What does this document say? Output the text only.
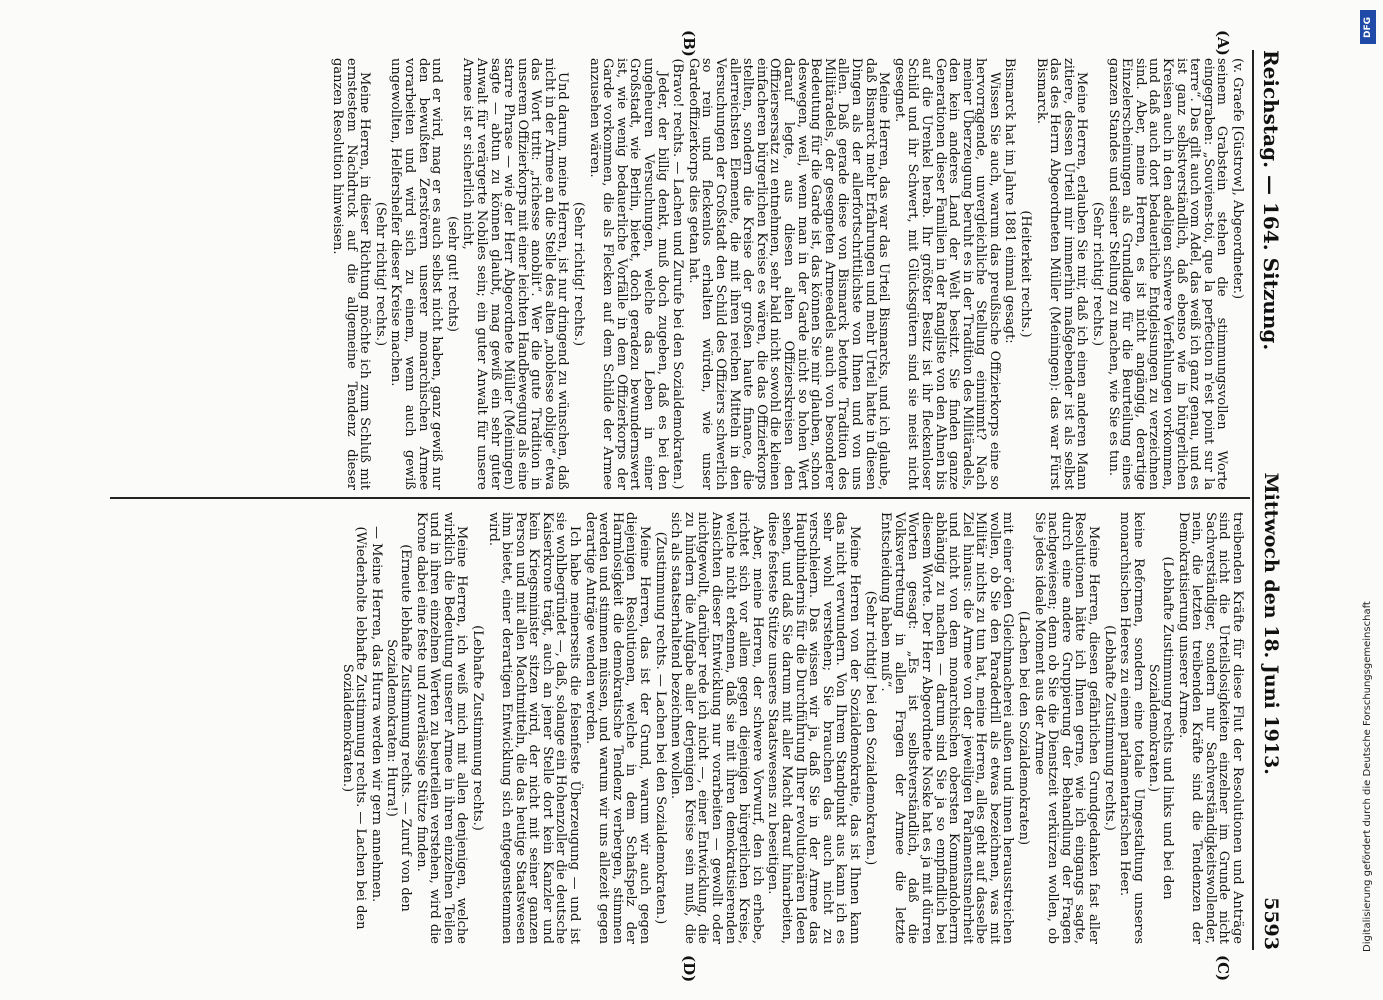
Reichstag. — 164. Sitzung.
Mittwoch den 18. Juni 1913.
5593
(A)
(B)
(C)
(D)

(v. Graefe [Güstrow], Abgeordneter.)

seinem Grabstein stehen die stimmungsvollen Worte eingegraben: „Souviens-toi, que la perfection n'est point sur la terre“. Das gilt auch vom Adel, das weiß ich ganz genau, und es ist ganz selbstverständlich, daß ebenso wie in bürgerlichen Kreisen auch in den adeligen schwere Verfehlungen vorkommen, und daß auch dort bedauerliche Entgleisungen zu verzeichnen sind. Aber, meine Herren, es ist nicht angängig, derartige Einzelerscheinungen als Grundlage für die Beurteilung eines ganzen Standes und seiner Stellung zu machen, wie Sie es tun.

(Sehr richtig! rechts.)

Meine Herren, erlauben Sie mir, daß ich einen anderen Mann zitiere, dessen Urteil mir immerhin maßgebender ist als selbst das des Herrn Abgeordneten Müller (Meiningen): das war Fürst Bismarck.

(Heiterkeit rechts.)

Bismarck hat im Jahre 1881 einmal gesagt:

Wissen Sie auch, warum das preußische Offizierkorps eine so hervorragende, unvergleichliche Stellung einnimmt? Nach meiner Überzeugung beruht es in der Tradition des Militäradels, den kein anderes Land der Welt besitzt. Sie finden ganze Generationen dieser Familien in der Rangliste von den Ahnen bis auf die Urenkel herab. Ihr größter Besitz ist ihr fleckenloser Schild und ihr Schwert, mit Glücksgütern sind sie meist nicht gesegnet.

Meine Herren, das war das Urteil Bismarcks, und ich glaube, daß Bismarck mehr Erfahrungen und mehr Urteil hatte in diesen Dingen als der allerfortschrittlichste von Ihnen und von uns allen. Daß gerade diese von Bismarck betonte Tradition des Militäradels, der gesegneten Armeeadels auch von besonderer Bedeutung für die Garde ist, das können Sie mir glauben, schon deswegen, weil, wenn man in der Garde nicht so hohen Wert darauf legte, aus diesen alten Offizierskreisen den Offiziersersatz zu entnehmen, sehr bald nicht sowohl die kleinen einfacheren bürgerlichen Kreise es wären, die das Offizierkorps stellten, sondern die Kreise der großen haute finance, die allerreichsten Elemente, die mit ihren reichen Mitteln in den Versuchungen der Großstadt den Schild des Offiziers schwerlich so rein und fleckenlos erhalten würden, wie unser Gardeoffizierkorps dies getan hat.

(Bravo! rechts. — Lachen und Zurufe bei den Sozialdemokraten.)

Jeder, der billig denkt, muß doch zugeben, daß es bei den ungeheuren Versuchungen, welche das Leben in einer Großstadt, wie Berlin, bietet, doch geradezu bewundernswert ist, wie wenig bedauerliche Vorfälle in dem Offizierkorps der Garde vorkommen, die als Flecken auf dem Schilde der Armee anzusehen wären.

(Sehr richtig! rechts.)

Und darum, meine Herren, ist nur dringend zu wünschen, daß nicht in der Armee an die Stelle des alten „noblesse oblige“ etwa das Wort tritt: „richesse anoblit“. Wer die gute Tradition in unserem Offizierkorps mit einer leichten Handbewegung als eine starre Phrase — wie der Herr Abgeordnete Müller (Meiningen) sagte — abtun zu können glaubt, mag gewiß ein sehr guter Anwalt für verärgerte Nobiles sein; ein guter Anwalt für unsere Armee ist er sicherlich nicht,

(sehr gut! rechts)

und er wird, mag er es auch selbst nicht haben, ganz gewiß nur den bewußten Zerstörern unserer monarchischen Armee vorarbeiten und wird sich zu einem, wenn auch gewiß ungewollten, Helfershelfer dieser Kreise machen.

(Sehr richtig! rechts.)

Meine Herren, in dieser Richtung möchte ich zum Schluß mit ernstestem Nachdruck auf die allgemeine Tendenz dieser ganzen Resolution hinweisen.

treibenden Kräfte für diese Flut der Resolutionen und Anträge sind nicht die Urteilslosigkeiten einzelner im Grunde nicht Sachverständiger, sondern nur Sachverständigkeitswollender, nein, die letzten treibenden Kräfte sind die Tendenzen der Demokratisierung unserer Armee.

(Lebhafte Zustimmung rechts und links und bei den Sozialdemokraten.)

keine Reformen, sondern eine totale Umgestaltung unseres monarchischen Heeres zu einem parlamentarischen Heer.

(Lebhafte Zustimmung rechts.)

Meine Herren, diesen gefährlichen Grundgedanken fast aller Resolutionen hätte ich Ihnen gerne, wie ich eingangs sagte, durch eine andere Gruppierung der Behandlung der Fragen nachgewiesen; denn ob Sie die Dienstzeit verkürzen wollen, ob Sie jedes ideale Moment aus der Armee

(Lachen bei den Sozialdemokraten)

mit einer öden Gleichmacherei außen und innen herausstreichen wollen, ob Sie den Paradedrill als etwas bezeichnen, was mit Militär nichts zu tun hat, meine Herren, alles geht auf dasselbe Ziel hinaus: die Armee von der jeweiligen Parlamentsmehrheit und nicht von dem monarchischen obersten Kommandoherrn abhängig zu machen — darum sind Sie ja so empfindlich bei diesem Worte. Der Herr Abgeordnete Noske hat es ja mit dürren Worten gesagt: „Es ist selbstverständlich, daß die Volksvertretung in allen Fragen der Armee die letzte Entscheidung haben muß“.

(Sehr richtig! bei den Sozialdemokraten.)

Meine Herren von der Sozialdemokratie, das ist Ihnen kann das nicht verwundern. Von Ihrem Standpunkt aus kann ich es sehr wohl verstehen; Sie brauchen das auch nicht zu verschleiern. Das wissen wir ja, daß Sie in der Armee das Haupthindernis für die Durchführung Ihrer revolutionären Ideen sehen, und daß Sie darum mit aller Macht darauf hinarbeiten, diese festeste Stütze unseres Staatswesens zu beseitigen.

Aber, meine Herren, der schwere Vorwurf, den ich erhebe, richtet sich vor allem gegen diejenigen bürgerlichen Kreise, welche nicht erkennen, daß sie mit ihren demokratisierenden Ansichten dieser Entwicklung nur vorarbeiten — gewollt oder nichtgewollt, darüber rede ich nicht —, einer Entwicklung, die zu hindern die Aufgabe aller derjenigen Kreise sein muß, die sich als staatserhaltend bezeichnen wollen.

(Zustimmung rechts. — Lachen bei den Sozialdemokraten.)

Meine Herren, das ist der Grund, warum wir auch gegen diejenigen Resolutionen, welche in dem Schafspelz der Harmlosigkeit die demokratische Tendenz verbergen, stimmen werden und stimmen müssen, und warum wir uns allezeit gegen derartige Anträge wenden werden.

Ich habe meinerseits die felsenfeste Überzeugung — und ist sie wohlbegründet —, daß, solange ein Hohenzoller die deutsche Kaiserkrone trägt, auch an jener Stelle dort kein Kanzler und kein Kriegsminister sitzen wird, der nicht mit seiner ganzen Person und mit allen Machtmitteln, die das heutige Staatswesen ihm bietet, einer derartigen Entwicklung sich entgegenstemmen wird.

(Lebhafte Zustimmung rechts.)

Meine Herren, ich weiß mich mit allen denjenigen, welche wirklich die Bedeutung unserer Armee in ihren einzelnen Teilen und in ihren einzelnen Werten zu beurteilen verstehen, wird die Krone dabei eine feste und zuverlässige Stütze finden.

(Erneute lebhafte Zustimmung rechts. — Zuruf von den Sozialdemokraten: Hurra!)

— Meine Herren, das Hurra werden wir gern annehmen.

(Wiederholte lebhafte Zustimmung rechts. — Lachen bei den Sozialdemokraten.)

DFG
Digitalisierung gefördert durch die Deutsche Forschungsgemeinschaft
